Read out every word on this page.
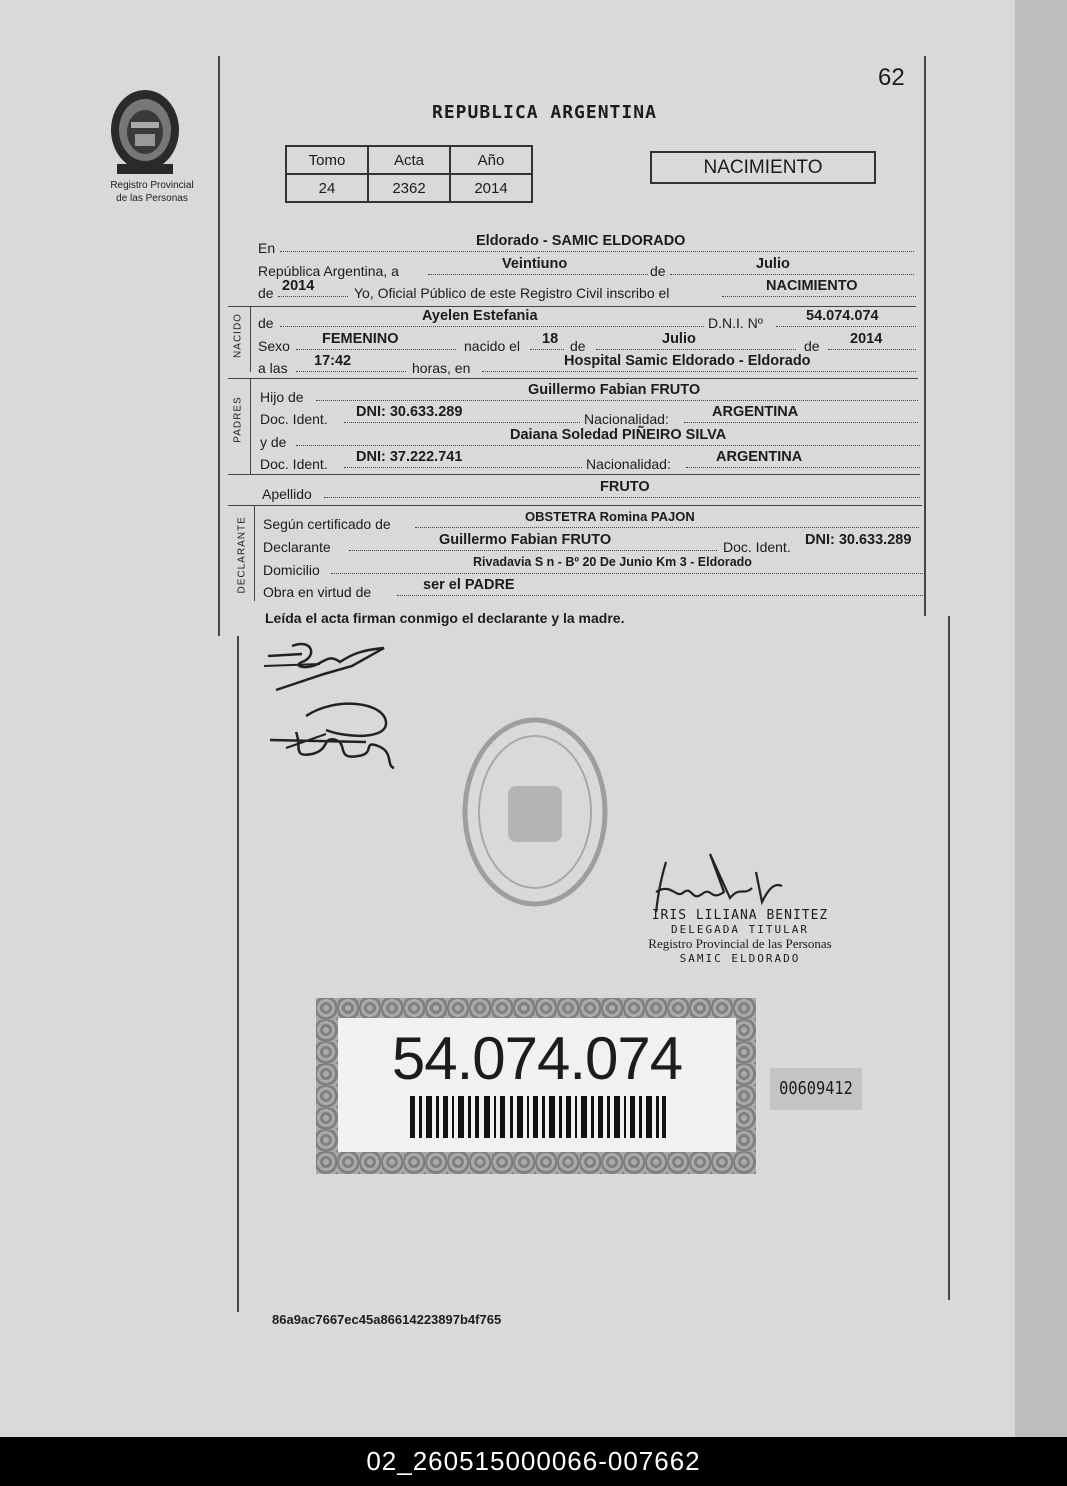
62
Registro Provincial
de las Personas
REPUBLICA ARGENTINA
Tomo	Acta	Año
24	2362	2014
NACIMIENTO
En	Eldorado - SAMIC ELDORADO
República Argentina, a	Veintiuno	de	Julio
de 2014	Yo, Oficial Público de este Registro Civil inscribo el	NACIMIENTO
NACIDO de	Ayelen Estefania	D.N.I. Nº	54.074.074
Sexo FEMENINO	nacido el 18 de	Julio	de 2014
a las 17:42	horas, en	Hospital Samic Eldorado - Eldorado
PADRES Hijo de	Guillermo Fabian FRUTO
Doc. Ident. DNI: 30.633.289	Nacionalidad:	ARGENTINA
y de	Daiana Soledad PIÑEIRO SILVA
Doc. Ident. DNI: 37.222.741	Nacionalidad:	ARGENTINA
Apellido	FRUTO
DECLARANTE Según certificado de	OBSTETRA Romina PAJON
Declarante	Guillermo Fabian FRUTO	Doc. Ident. DNI: 30.633.289
Domicilio	Rivadavia S n - Bº 20 De Junio Km 3 - Eldorado
Obra en virtud de	ser el PADRE
Leída el acta firman conmigo el declarante y la madre.
IRIS LILIANA BENITEZ
DELEGADA TITULAR
Registro Provincial de las Personas
SAMIC ELDORADO
54.074.074	00609412
86a9ac7667ec45a86614223897b4f765
02_260515000066-007662
